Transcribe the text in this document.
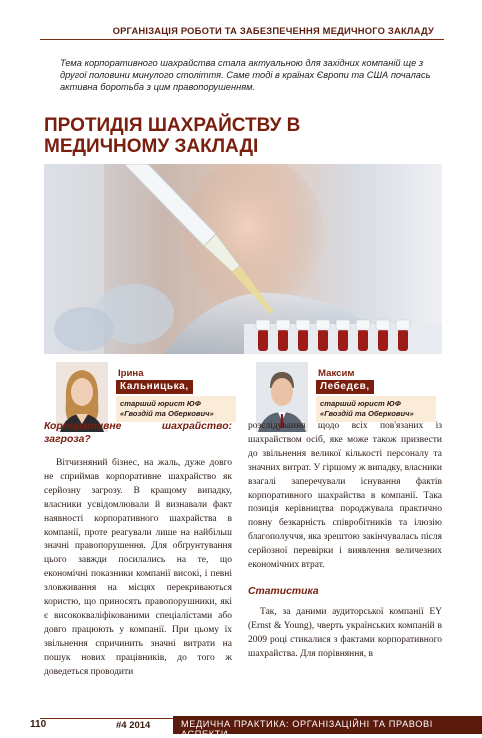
ОРГАНІЗАЦІЯ РОБОТИ ТА ЗАБЕЗПЕЧЕННЯ МЕДИЧНОГО ЗАКЛАДУ
Тема корпоративного шахрайства стала актуальною для західних компаній ще з другої половини минулого століття. Саме тоді в країнах Європи та США почалась активна боротьба з цим правопорушенням.
ПРОТИДІЯ ШАХРАЙСТВУ В МЕДИЧНОМУ ЗАКЛАДІ
Ірина
Кальницька,
старший юрист ЮФ «Гвоздій та Оберкович»
Максим
Лебедєв,
старший юрист ЮФ «Гвоздій та Оберкович»
Корпоративне шахрайство: загроза?

Вітчизняний бізнес, на жаль, дуже довго не сприймав корпоративне шахрайство як серйозну загрозу. В кращому випадку, власники усвідомлювали й визнавали факт наявності корпоративного шахрайства в компанії, проте реагували лише на найбільш значні правопорушення. Для обґрунтування цього завжди посилались на те, що економічні показники компанії високі, і певні зловживання на місцях перекриваються користю, що приносять правопорушники, які є висококваліфікованими спеціалістами або довго працюють у компанії. При цьому їх звільнення спричинить значні витрати на пошук нових працівників, до того ж доведеться проводити

розслідування щодо всіх пов'язаних із шахрайством осіб, яке може також призвести до звільнення великої кількості персоналу та значних витрат. У гіршому ж випадку, власники взагалі заперечували існування фактів корпоративного шахрайства в компанії. Така позиція керівництва породжувала практично повну безкарність співробітників та ілюзію благополуччя, яка зрештою закінчувалась після серйозної перевірки і виявлення величезних економічних втрат.

Статистика

Так, за даними аудиторської компанії EY (Ernst & Young), чверть українських компаній в 2009 році стикалися з фактами корпоративного шахрайства. Для порівняння, в

110	#4 2014	МЕДИЧНА ПРАКТИКА: ОРГАНІЗАЦІЙНІ ТА ПРАВОВІ АСПЕКТИ
